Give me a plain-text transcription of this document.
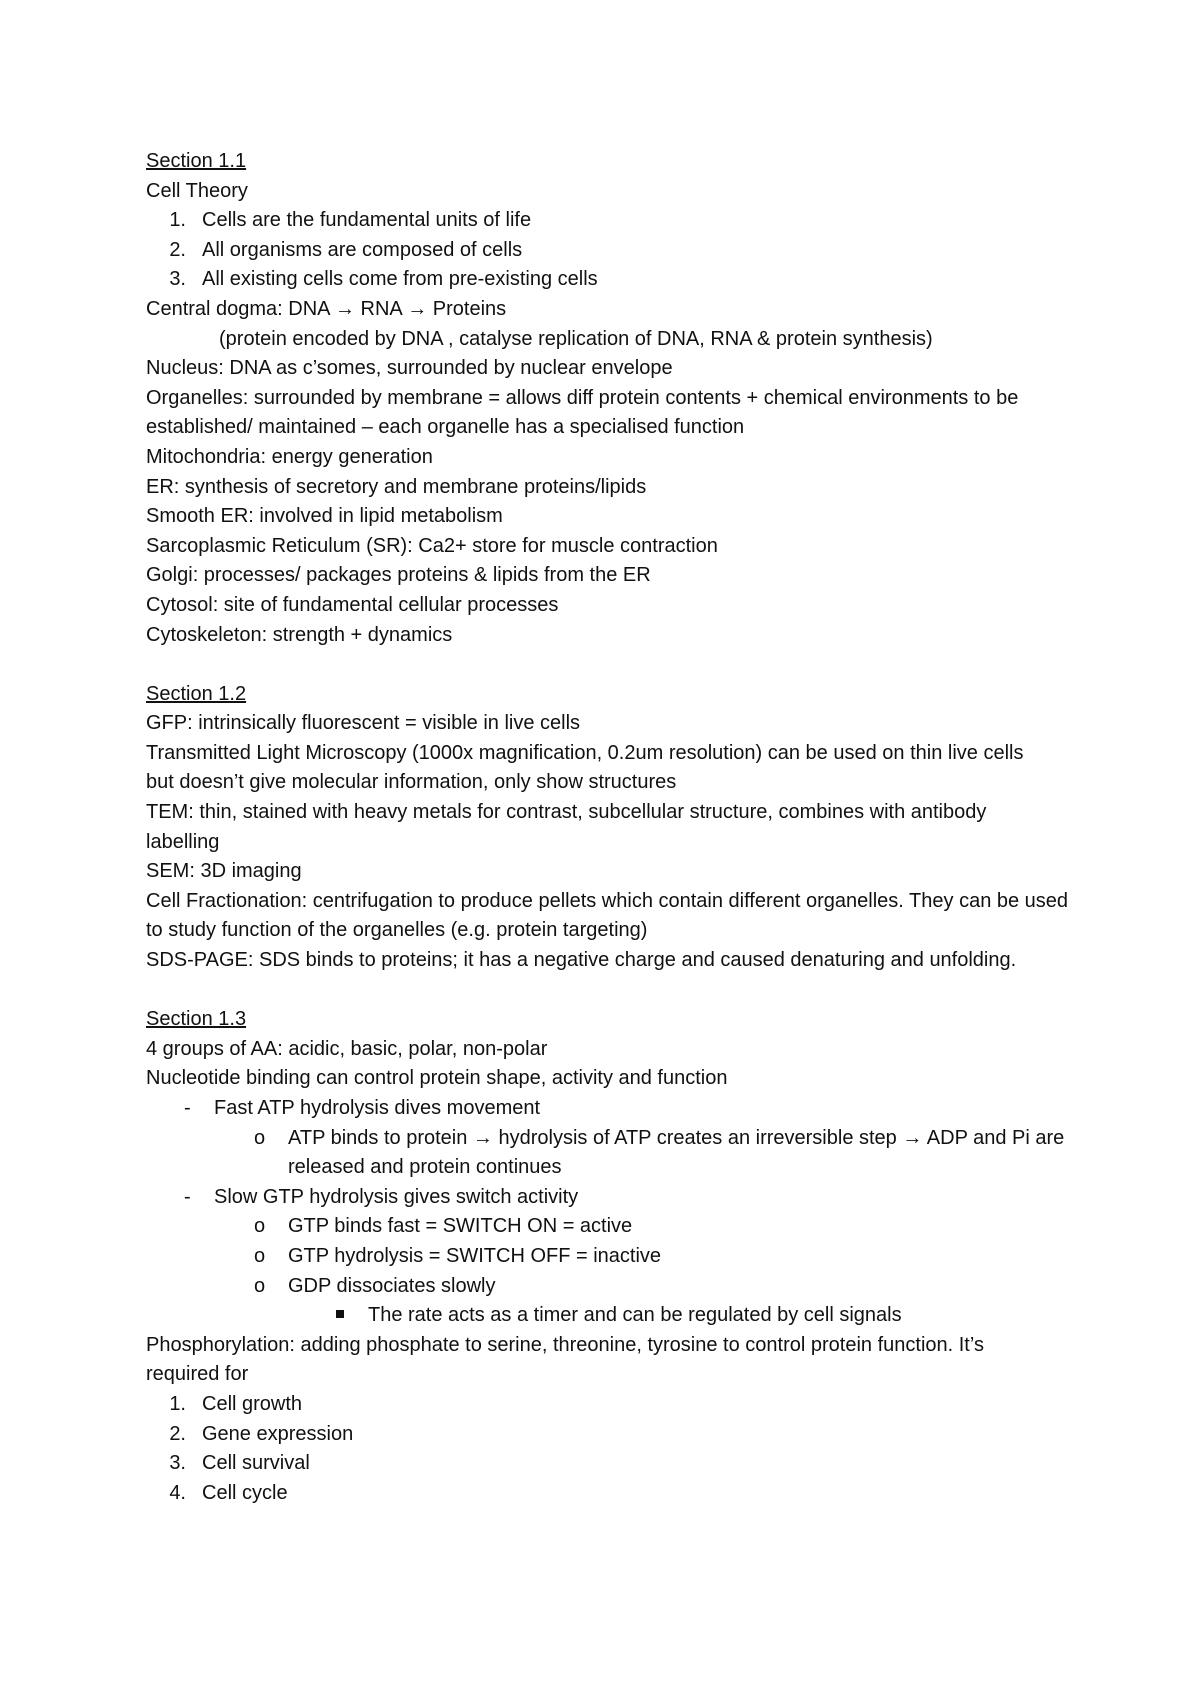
Section 1.1
Cell Theory
1. Cells are the fundamental units of life
2. All organisms are composed of cells
3. All existing cells come from pre-existing cells
Central dogma: DNA → RNA → Proteins
(protein encoded by DNA , catalyse replication of DNA, RNA & protein synthesis)
Nucleus: DNA as c’somes, surrounded by nuclear envelope
Organelles: surrounded by membrane = allows diff protein contents + chemical environments to be established/ maintained – each organelle has a specialised function
Mitochondria: energy generation
ER: synthesis of secretory and membrane proteins/lipids
Smooth ER: involved in lipid metabolism
Sarcoplasmic Reticulum (SR): Ca2+ store for muscle contraction
Golgi: processes/ packages proteins & lipids from the ER
Cytosol: site of fundamental cellular processes
Cytoskeleton: strength + dynamics
Section 1.2
GFP: intrinsically fluorescent = visible in live cells
Transmitted Light Microscopy (1000x magnification, 0.2um resolution) can be used on thin live cells but doesn’t give molecular information, only show structures
TEM: thin, stained with heavy metals for contrast, subcellular structure, combines with antibody labelling
SEM: 3D imaging
Cell Fractionation: centrifugation to produce pellets which contain different organelles. They can be used to study function of the organelles (e.g. protein targeting)
SDS-PAGE: SDS binds to proteins; it has a negative charge and caused denaturing and unfolding.
Section 1.3
4 groups of AA: acidic, basic, polar, non-polar
Nucleotide binding can control protein shape, activity and function
- Fast ATP hydrolysis dives movement
o ATP binds to protein → hydrolysis of ATP creates an irreversible step → ADP and Pi are released and protein continues
- Slow GTP hydrolysis gives switch activity
o GTP binds fast = SWITCH ON = active
o GTP hydrolysis = SWITCH OFF = inactive
o GDP dissociates slowly
The rate acts as a timer and can be regulated by cell signals
Phosphorylation: adding phosphate to serine, threonine, tyrosine to control protein function. It’s required for
1. Cell growth
2. Gene expression
3. Cell survival
4. Cell cycle
